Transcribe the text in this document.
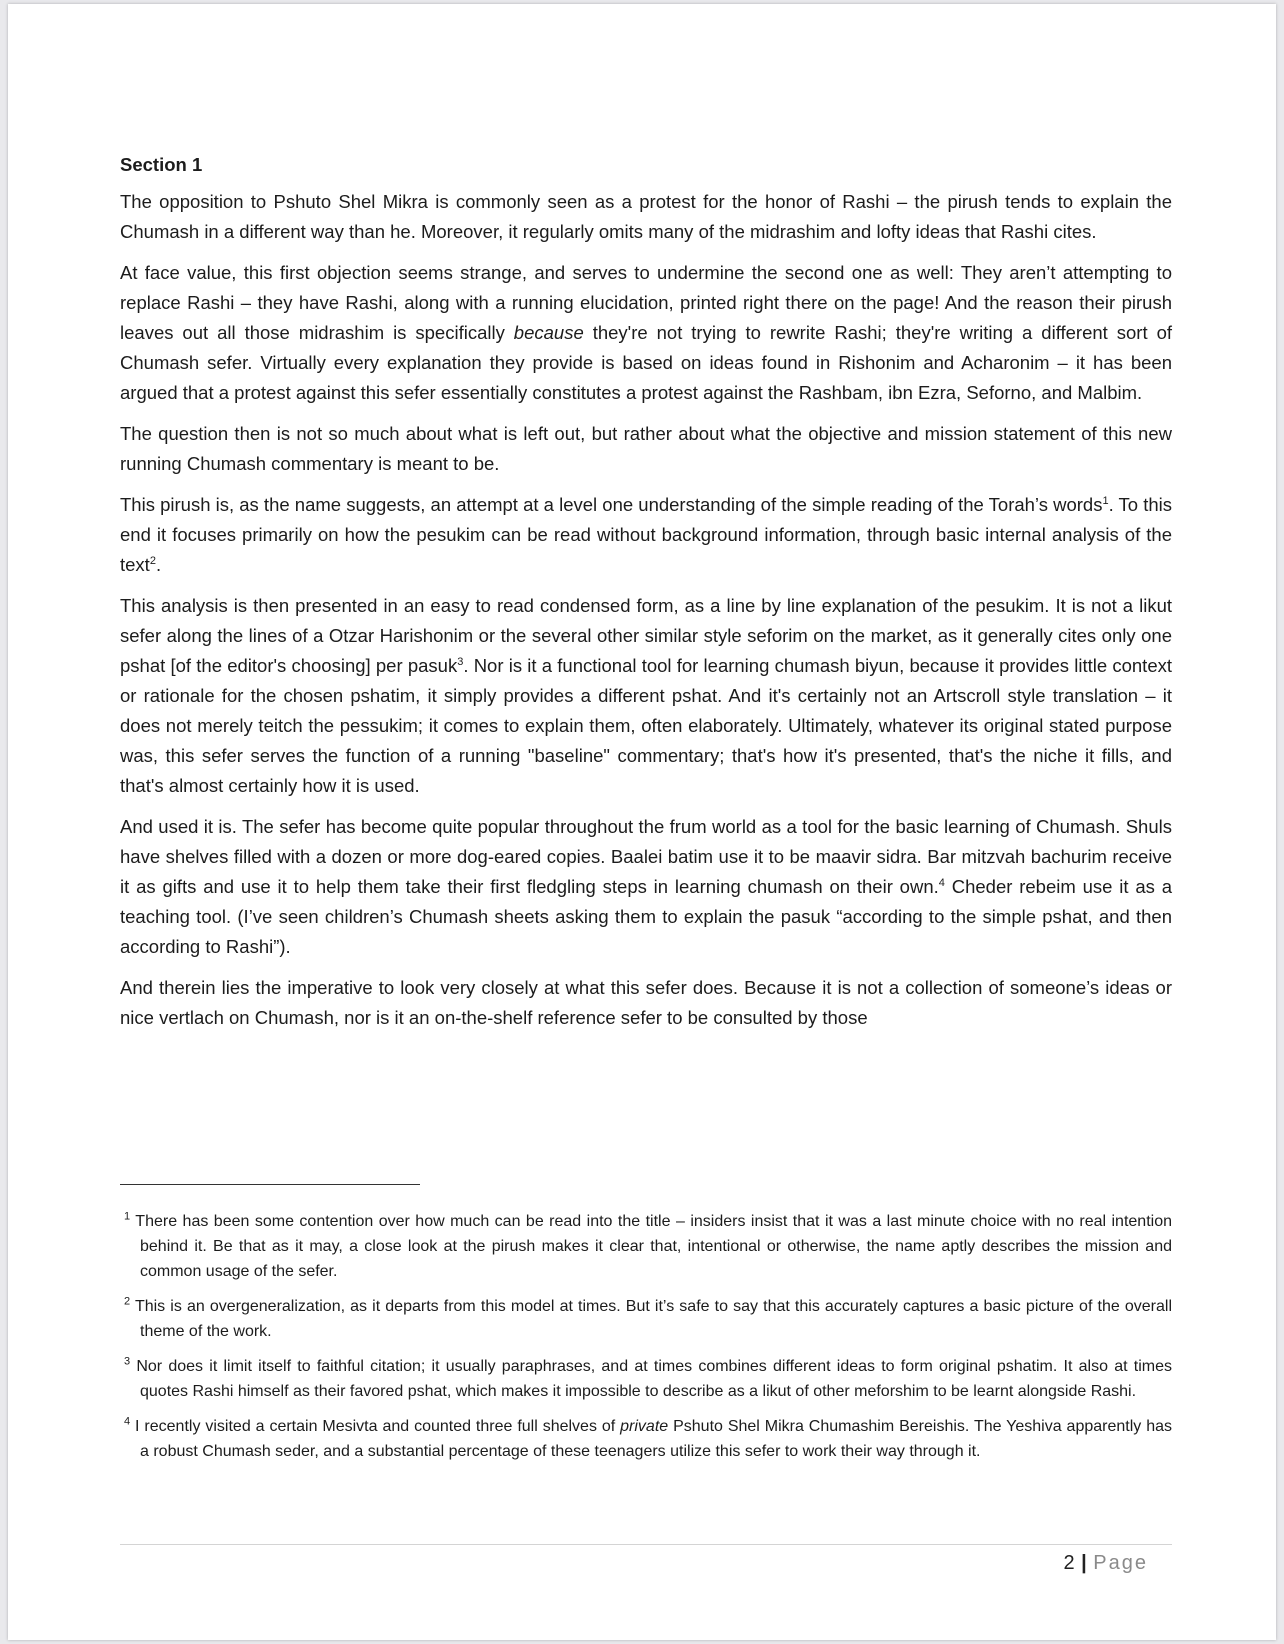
Section 1

The opposition to Pshuto Shel Mikra is commonly seen as a protest for the honor of Rashi – the pirush tends to explain the Chumash in a different way than he. Moreover, it regularly omits many of the midrashim and lofty ideas that Rashi cites.

At face value, this first objection seems strange, and serves to undermine the second one as well: They aren’t attempting to replace Rashi – they have Rashi, along with a running elucidation, printed right there on the page! And the reason their pirush leaves out all those midrashim is specifically because they're not trying to rewrite Rashi; they're writing a different sort of Chumash sefer. Virtually every explanation they provide is based on ideas found in Rishonim and Acharonim – it has been argued that a protest against this sefer essentially constitutes a protest against the Rashbam, ibn Ezra, Seforno, and Malbim.

The question then is not so much about what is left out, but rather about what the objective and mission statement of this new running Chumash commentary is meant to be.

This pirush is, as the name suggests, an attempt at a level one understanding of the simple reading of the Torah’s words$^1$. To this end it focuses primarily on how the pesukim can be read without background information, through basic internal analysis of the text$^2$.

This analysis is then presented in an easy to read condensed form, as a line by line explanation of the pesukim. It is not a likut sefer along the lines of a Otzar Harishonim or the several other similar style seforim on the market, as it generally cites only one pshat [of the editor's choosing] per pasuk$^3$. Nor is it a functional tool for learning chumash biyun, because it provides little context or rationale for the chosen pshatim, it simply provides a different pshat. And it's certainly not an Artscroll style translation – it does not merely teitch the pessukim; it comes to explain them, often elaborately. Ultimately, whatever its original stated purpose was, this sefer serves the function of a running "baseline" commentary; that's how it's presented, that's the niche it fills, and that's almost certainly how it is used.

And used it is. The sefer has become quite popular throughout the frum world as a tool for the basic learning of Chumash. Shuls have shelves filled with a dozen or more dog-eared copies. Baalei batim use it to be maavir sidra. Bar mitzvah bachurim receive it as gifts and use it to help them take their first fledgling steps in learning chumash on their own.$^4$ Cheder rebeim use it as a teaching tool. (I’ve seen children’s Chumash sheets asking them to explain the pasuk “according to the simple pshat, and then according to Rashi”).

And therein lies the imperative to look very closely at what this sefer does. Because it is not a collection of someone’s ideas or nice vertlach on Chumash, nor is it an on-the-shelf reference sefer to be consulted by those

$^1$ There has been some contention over how much can be read into the title – insiders insist that it was a last minute choice with no real intention behind it. Be that as it may, a close look at the pirush makes it clear that, intentional or otherwise, the name aptly describes the mission and common usage of the sefer.

$^2$ This is an overgeneralization, as it departs from this model at times. But it’s safe to say that this accurately captures a basic picture of the overall theme of the work.

$^3$ Nor does it limit itself to faithful citation; it usually paraphrases, and at times combines different ideas to form original pshatim. It also at times quotes Rashi himself as their favored pshat, which makes it impossible to describe as a likut of other meforshim to be learnt alongside Rashi.

$^4$ I recently visited a certain Mesivta and counted three full shelves of private Pshuto Shel Mikra Chumashim Bereishis. The Yeshiva apparently has a robust Chumash seder, and a substantial percentage of these teenagers utilize this sefer to work their way through it.

2 | Page
